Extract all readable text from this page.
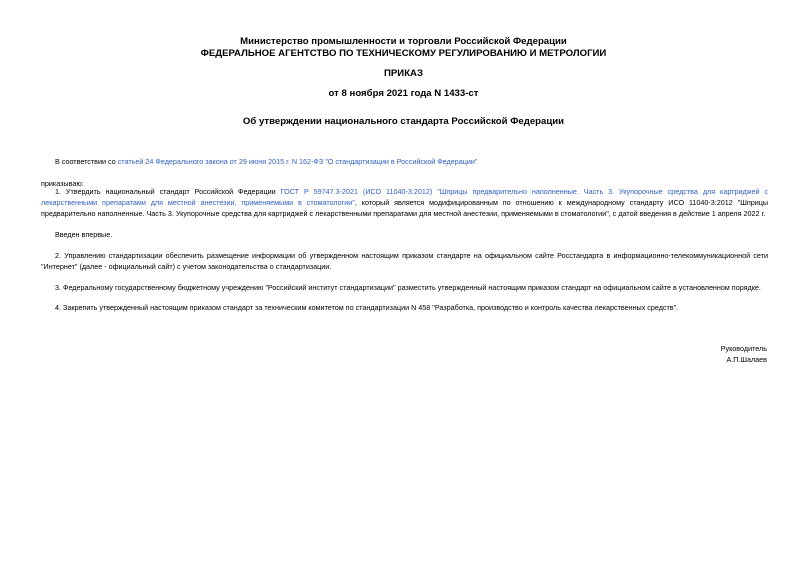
Министерство промышленности и торговли Российской Федерации
ФЕДЕРАЛЬНОЕ АГЕНТСТВО ПО ТЕХНИЧЕСКОМУ РЕГУЛИРОВАНИЮ И МЕТРОЛОГИИ
ПРИКАЗ
от 8 ноября 2021 года N 1433-ст
Об утверждении национального стандарта Российской Федерации
В соответствии со статьей 24 Федерального закона от 29 июня 2015 г. N 162-ФЗ "О стандартизации в Российской Федерации"
приказываю:
1. Утвердить национальный стандарт Российской Федерации ГОСТ Р 59747.3-2021 (ИСО 11040-3:2012) "Шприцы предварительно наполненные. Часть 3. Укупорочные средства для картриджей с
лекарственными препаратами для местной анестезии, применяемыми в стоматологии", который является модифицированным по отношению к международному стандарту ИСО 11040-3:2012 "Шприцы
предварительно наполненные. Часть 3. Укупорочные средства для картриджей с лекарственными препаратами для местной анестезии, применяемыми в стоматологии", с датой введения в действие 1 апреля 2022 г.
Введен впервые.
2. Управлению стандартизации обеспечить размещение информации об утвержденном настоящим приказом стандарте на официальном сайте Росстандарта в информационно-телекоммуникационной сети
"Интернет" (далее - официальный сайт) с учетом законодательства о стандартизации.
3. Федеральному государственному бюджетному учреждению "Российский институт стандартизации" разместить утвержденный настоящим приказом стандарт на официальном сайте в установленном порядке.
4. Закрепить утвержденный настоящим приказом стандарт за техническим комитетом по стандартизации N 458 "Разработка, производство и контроль качества лекарственных средств".
Руководитель
А.П.Шалаев
